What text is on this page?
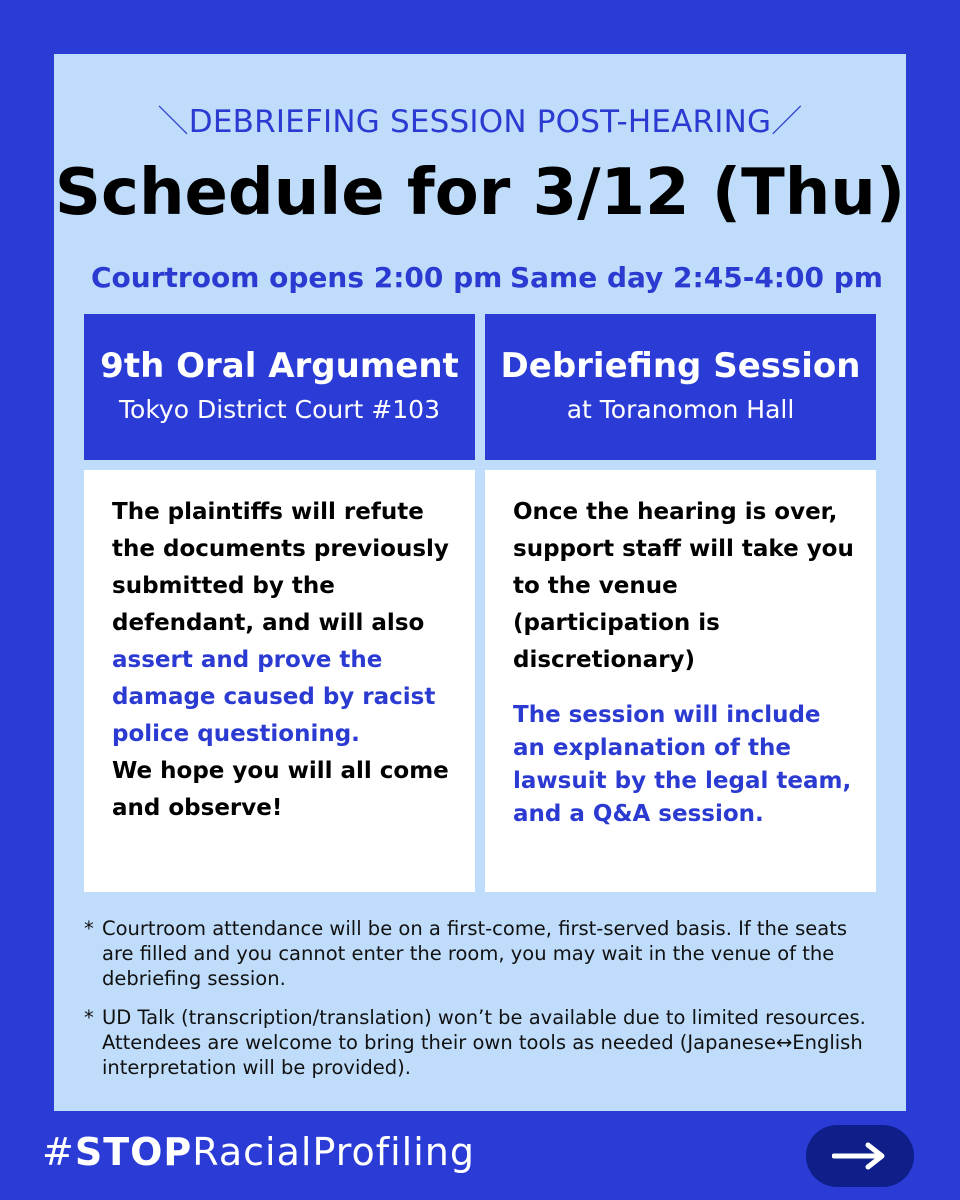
＼DEBRIEFING SESSION POST-HEARING／
Schedule for 3/12 (Thu)
Courtroom opens 2:00 pm Same day 2:45-4:00 pm
9th Oral Argument
Tokyo District Court #103
Debriefing Session
at Toranomon Hall

The plaintiffs will refute the documents previously submitted by the defendant, and will also assert and prove the damage caused by racist police questioning.

We hope you will all come and observe!

Once the hearing is over, support staff will take you to the venue (participation is discretionary)

The session will include an explanation of the lawsuit by the legal team, and a Q&A session.

* Courtroom attendance will be on a first-come, first-served basis. If the seats are filled and you cannot enter the room, you may wait in the venue of the debriefing session.
* UD Talk (transcription/translation) won’t be available due to limited resources. Attendees are welcome to bring their own tools as needed (Japanese↔English interpretation will be provided).
#STOPRacialProfiling
